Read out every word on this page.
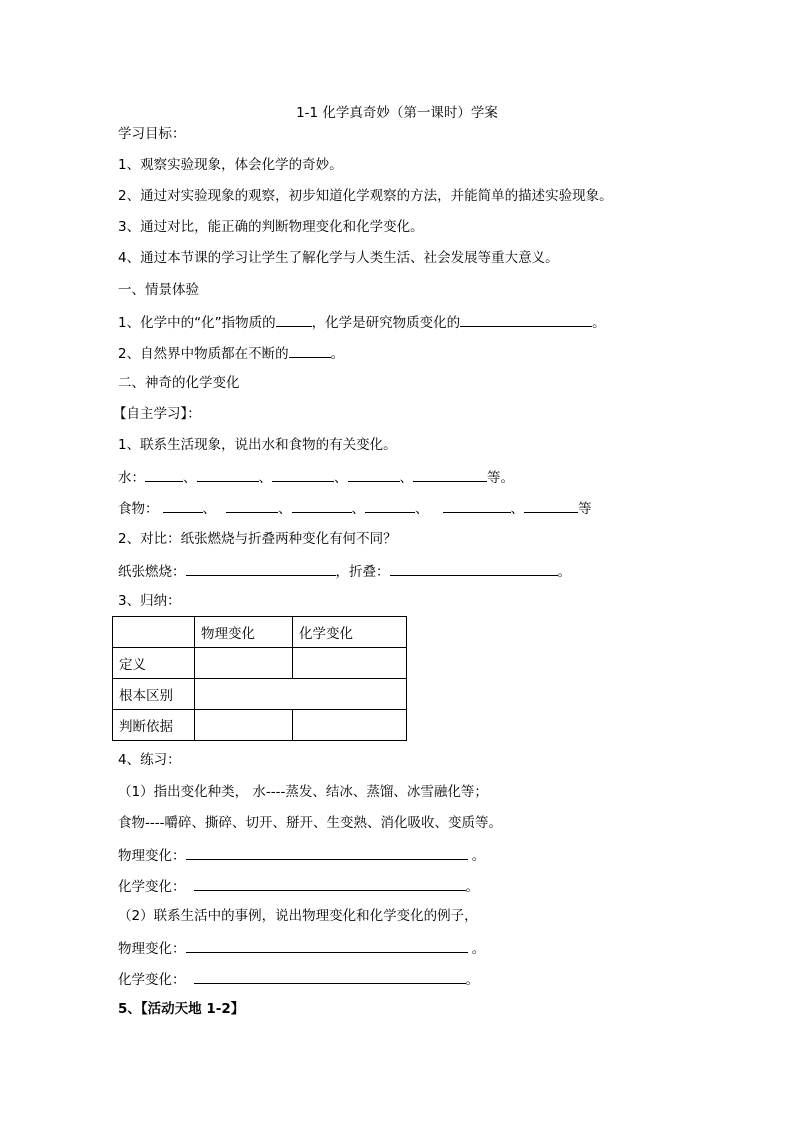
1-1 化学真奇妙（第一课时）学案
学习目标：
1、观察实验现象，体会化学的奇妙。
2、通过对实验现象的观察，初步知道化学观察的方法，并能简单的描述实验现象。
3、通过对比，能正确的判断物理变化和化学变化。
4、通过本节课的学习让学生了解化学与人类生活、社会发展等重大意义。
一、情景体验
1、化学中的“化”指物质的	，化学是研究物质变化的	。
2、自然界中物质都在不断的	。
二、神奇的化学变化
【自主学习】：
1、联系生活现象，说出水和食物的有关变化。
水：	、	、	、	、	等。
食物：	、	、	、	、	、	等
2、对比：纸张燃烧与折叠两种变化有何不同？
纸张燃烧：	，折叠：	。
3、归纳：
	物理变化	化学变化
定义		
根本区别		
判断依据		
4、练习：
（1）指出变化种类， 水----蒸发、结冰、蒸馏、冰雪融化等；
食物----嚼碎、撕碎、切开、掰开、生变熟、消化吸收、变质等。
物理变化：	。
化学变化：	。
（2）联系生活中的事例，说出物理变化和化学变化的例子，
物理变化：	。
化学变化：	。
5、【活动天地 1-2】
